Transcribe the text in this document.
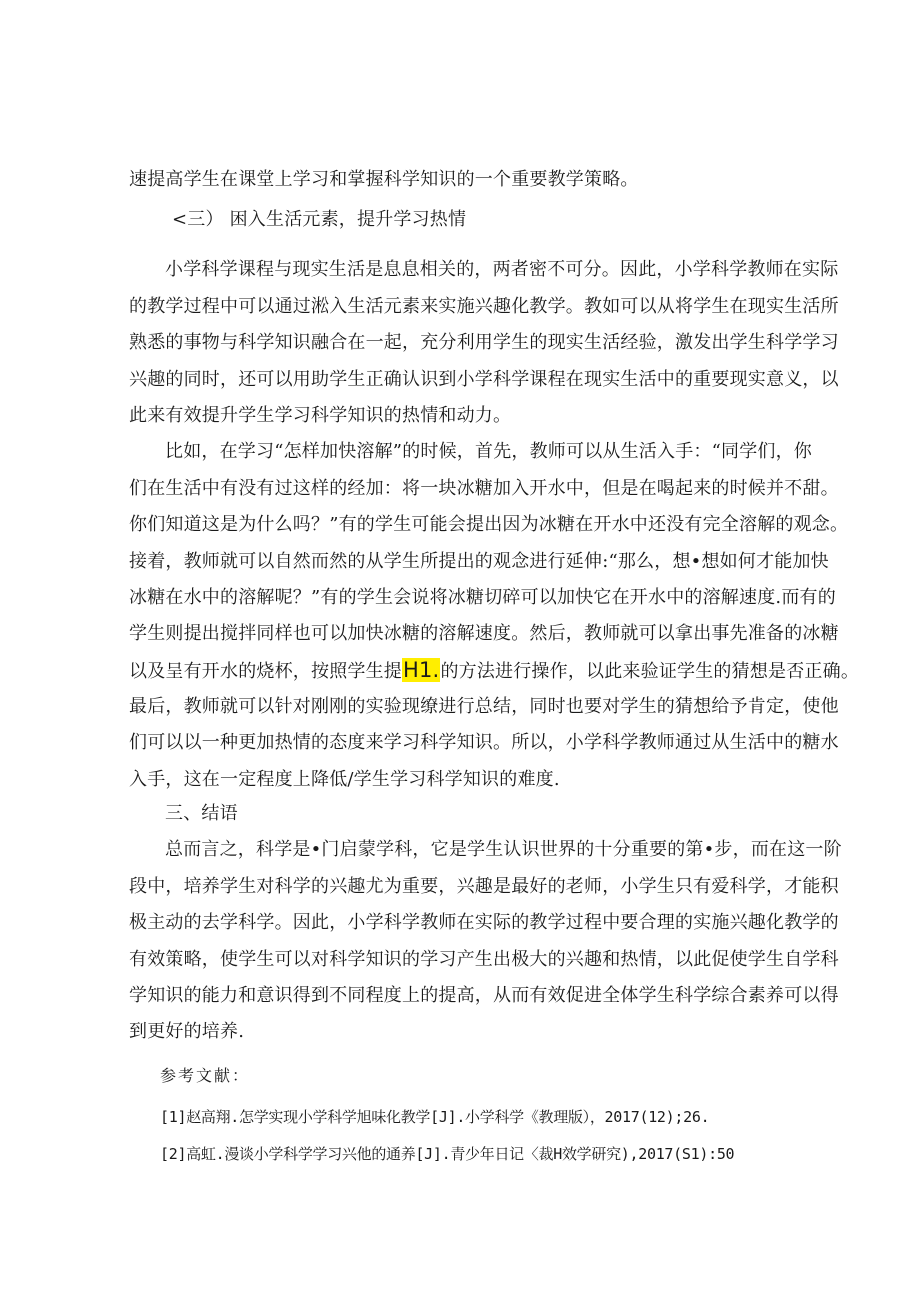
速提高学生在课堂上学习和掌握科学知识的一个重要教学策略。
<三） 困入生活元素，提升学习热情
小学科学课程与现实生活是息息相关的，两者密不可分。因此，小学科学教师在实际
的教学过程中可以通过淞入生活元素来实施兴趣化教学。教如可以从将学生在现实生活所
熟悉的事物与科学知识融合在一起，充分利用学生的现实生活经验，激发出学生科学学习
兴趣的同时，还可以用助学生正确认识到小学科学课程在现实生活中的重要现实意义，以
此来有效提升学生学习科学知识的热情和动力。
比如，在学习“怎样加快溶解”的时候，首先，教师可以从生活入手：“同学们，你
们在生活中有没有过这样的经加：将一块冰糖加入开水中，但是在喝起来的时候并不甜。
你们知道这是为什么吗？”有的学生可能会提出因为冰糖在开水中还没有完全溶解的观念。
接着，教师就可以自然而然的从学生所提出的观念进行延伸:“那么，想•想如何才能加快
冰糖在水中的溶解呢？”有的学生会说将冰糖切碎可以加快它在开水中的溶解速度.而有的
学生则提出搅拌同样也可以加快冰糖的溶解速度。然后，教师就可以拿出事先准备的冰糖
以及呈有开水的烧杯，按照学生提H1.的方法进行操作，以此来验证学生的猜想是否正确。
最后，教师就可以针对刚刚的实验现缭进行总结，同时也要对学生的猜想给予肯定，使他
们可以以一种更加热情的态度来学习科学知识。所以，小学科学教师通过从生活中的糖水
入手，这在一定程度上降低/学生学习科学知识的难度.
三、结语
总而言之，科学是•门启蒙学科，它是学生认识世界的十分重要的第•步，而在这一阶
段中，培养学生对科学的兴趣尤为重要，兴趣是最好的老师，小学生只有爱科学，才能积
极主动的去学科学。因此，小学科学教师在实际的教学过程中要合理的实施兴趣化教学的
有效策略，使学生可以对科学知识的学习产生出极大的兴趣和热情，以此促使学生自学科
学知识的能力和意识得到不同程度上的提高，从而有效促进全体学生科学综合素养可以得
到更好的培养.
参考文献：
[1]赵高翔.怎学实现小学科学旭味化教学[J].小学科学《教理版），2017(12);26.
[2]高虹.漫谈小学科学学习兴他的通养[J].青少年日记〈裁H效学研究),2017(S1):50
